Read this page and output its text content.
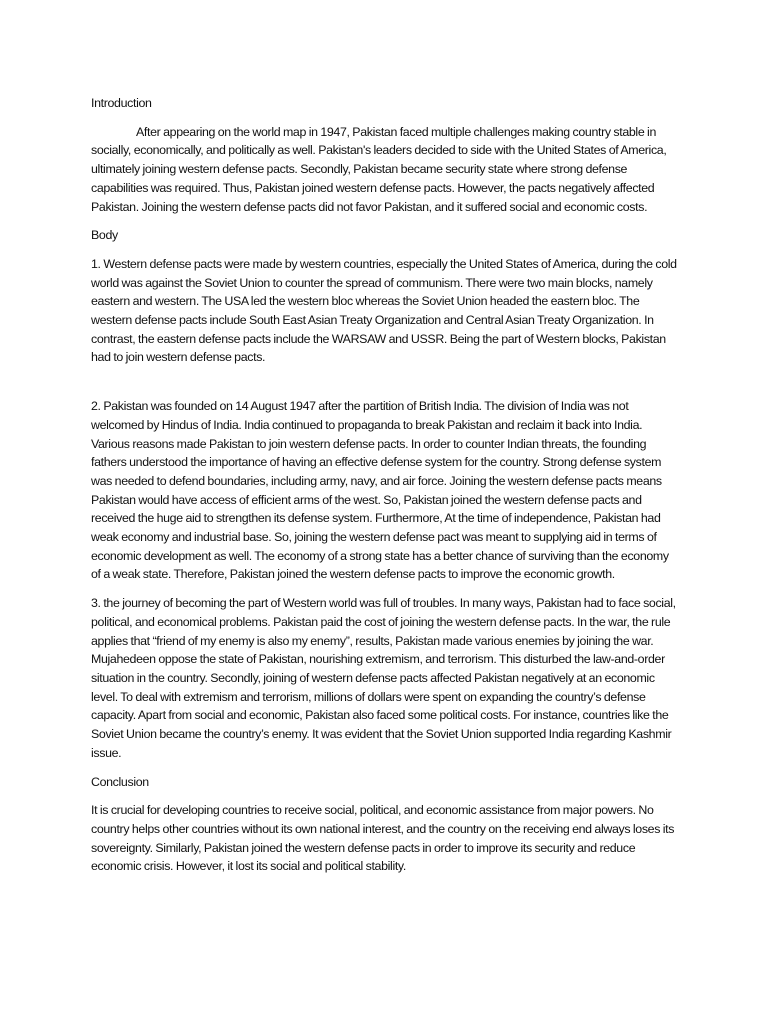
Introduction

After appearing on the world map in 1947, Pakistan faced multiple challenges making country stable in socially, economically, and politically as well. Pakistan's leaders decided to side with the United States of America, ultimately joining western defense pacts. Secondly, Pakistan became security state where strong defense capabilities was required. Thus, Pakistan joined western defense pacts. However, the pacts negatively affected Pakistan. Joining the western defense pacts did not favor Pakistan, and it suffered social and economic costs.

Body

1. Western defense pacts were made by western countries, especially the United States of America, during the cold world was against the Soviet Union to counter the spread of communism. There were two main blocks, namely eastern and western. The USA led the western bloc whereas the Soviet Union headed the eastern bloc. The western defense pacts include South East Asian Treaty Organization and Central Asian Treaty Organization. In contrast, the eastern defense pacts include the WARSAW and USSR. Being the part of Western blocks, Pakistan had to join western defense pacts.

2. Pakistan was founded on 14 August 1947 after the partition of British India. The division of India was not welcomed by Hindus of India. India continued to propaganda to break Pakistan and reclaim it back into India. Various reasons made Pakistan to join western defense pacts. In order to counter Indian threats, the founding fathers understood the importance of having an effective defense system for the country. Strong defense system was needed to defend boundaries, including army, navy, and air force. Joining the western defense pacts means Pakistan would have access of efficient arms of the west. So, Pakistan joined the western defense pacts and received the huge aid to strengthen its defense system. Furthermore, At the time of independence, Pakistan had weak economy and industrial base. So, joining the western defense pact was meant to supplying aid in terms of economic development as well. The economy of a strong state has a better chance of surviving than the economy of a weak state. Therefore, Pakistan joined the western defense pacts to improve the economic growth.

3. the journey of becoming the part of Western world was full of troubles. In many ways, Pakistan had to face social, political, and economical problems. Pakistan paid the cost of joining the western defense pacts. In the war, the rule applies that “friend of my enemy is also my enemy”, results, Pakistan made various enemies by joining the war. Mujahedeen oppose the state of Pakistan, nourishing extremism, and terrorism. This disturbed the law-and-order situation in the country. Secondly, joining of western defense pacts affected Pakistan negatively at an economic level. To deal with extremism and terrorism, millions of dollars were spent on expanding the country’s defense capacity. Apart from social and economic, Pakistan also faced some political costs. For instance, countries like the Soviet Union became the country’s enemy. It was evident that the Soviet Union supported India regarding Kashmir issue.

Conclusion

It is crucial for developing countries to receive social, political, and economic assistance from major powers. No country helps other countries without its own national interest, and the country on the receiving end always loses its sovereignty. Similarly, Pakistan joined the western defense pacts in order to improve its security and reduce economic crisis. However, it lost its social and political stability.
